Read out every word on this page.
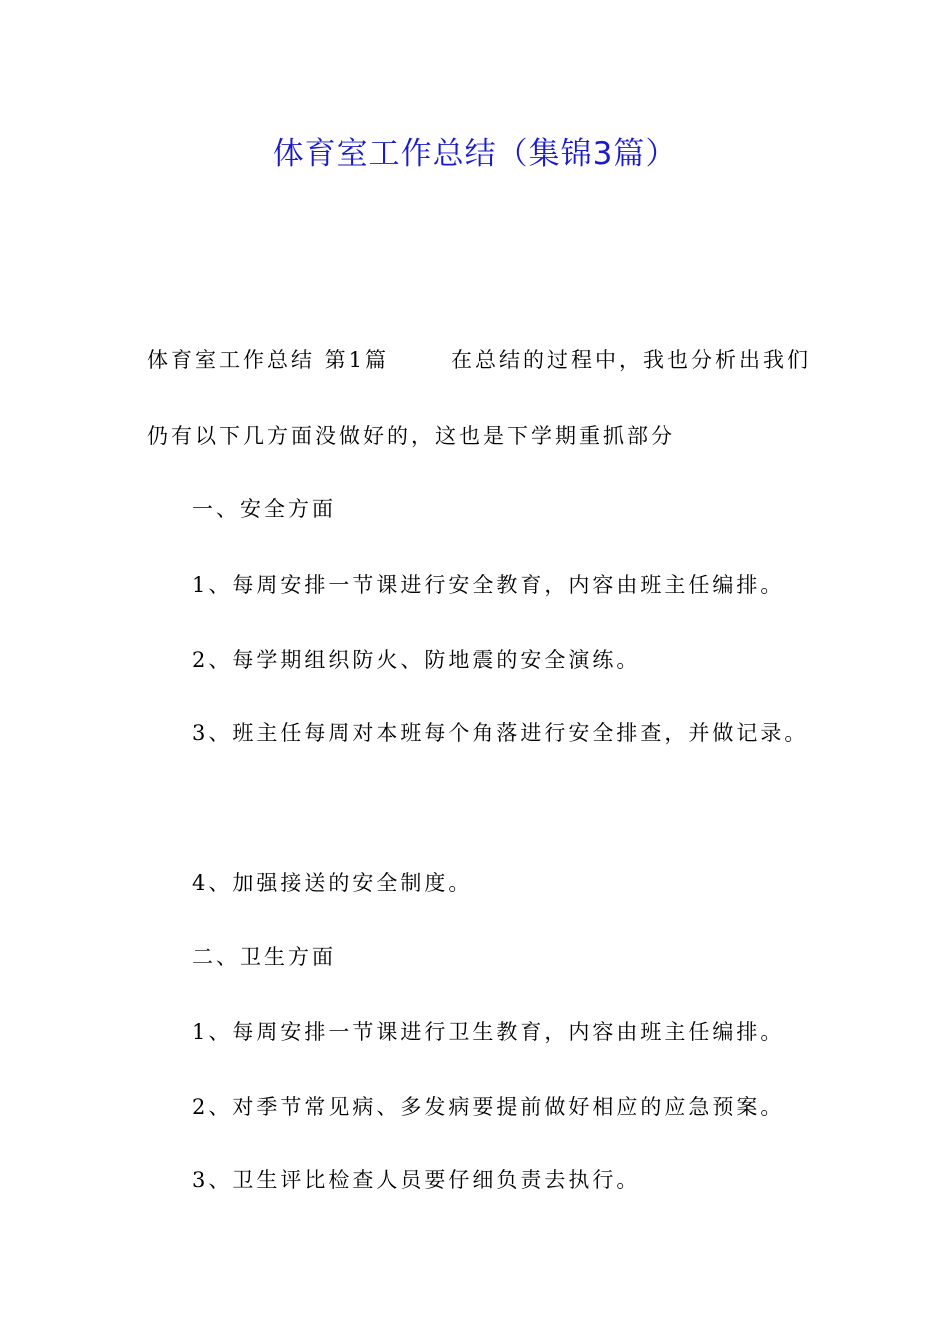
体育室工作总结（集锦3篇）
体育室工作总结 第1篇	在总结的过程中，我也分析出我们
仍有以下几方面没做好的，这也是下学期重抓部分
一、安全方面
1、每周安排一节课进行安全教育，内容由班主任编排。
2、每学期组织防火、防地震的安全演练。
3、班主任每周对本班每个角落进行安全排查，并做记录。
4、加强接送的安全制度。
二、卫生方面
1、每周安排一节课进行卫生教育，内容由班主任编排。
2、对季节常见病、多发病要提前做好相应的应急预案。
3、卫生评比检查人员要仔细负责去执行。
